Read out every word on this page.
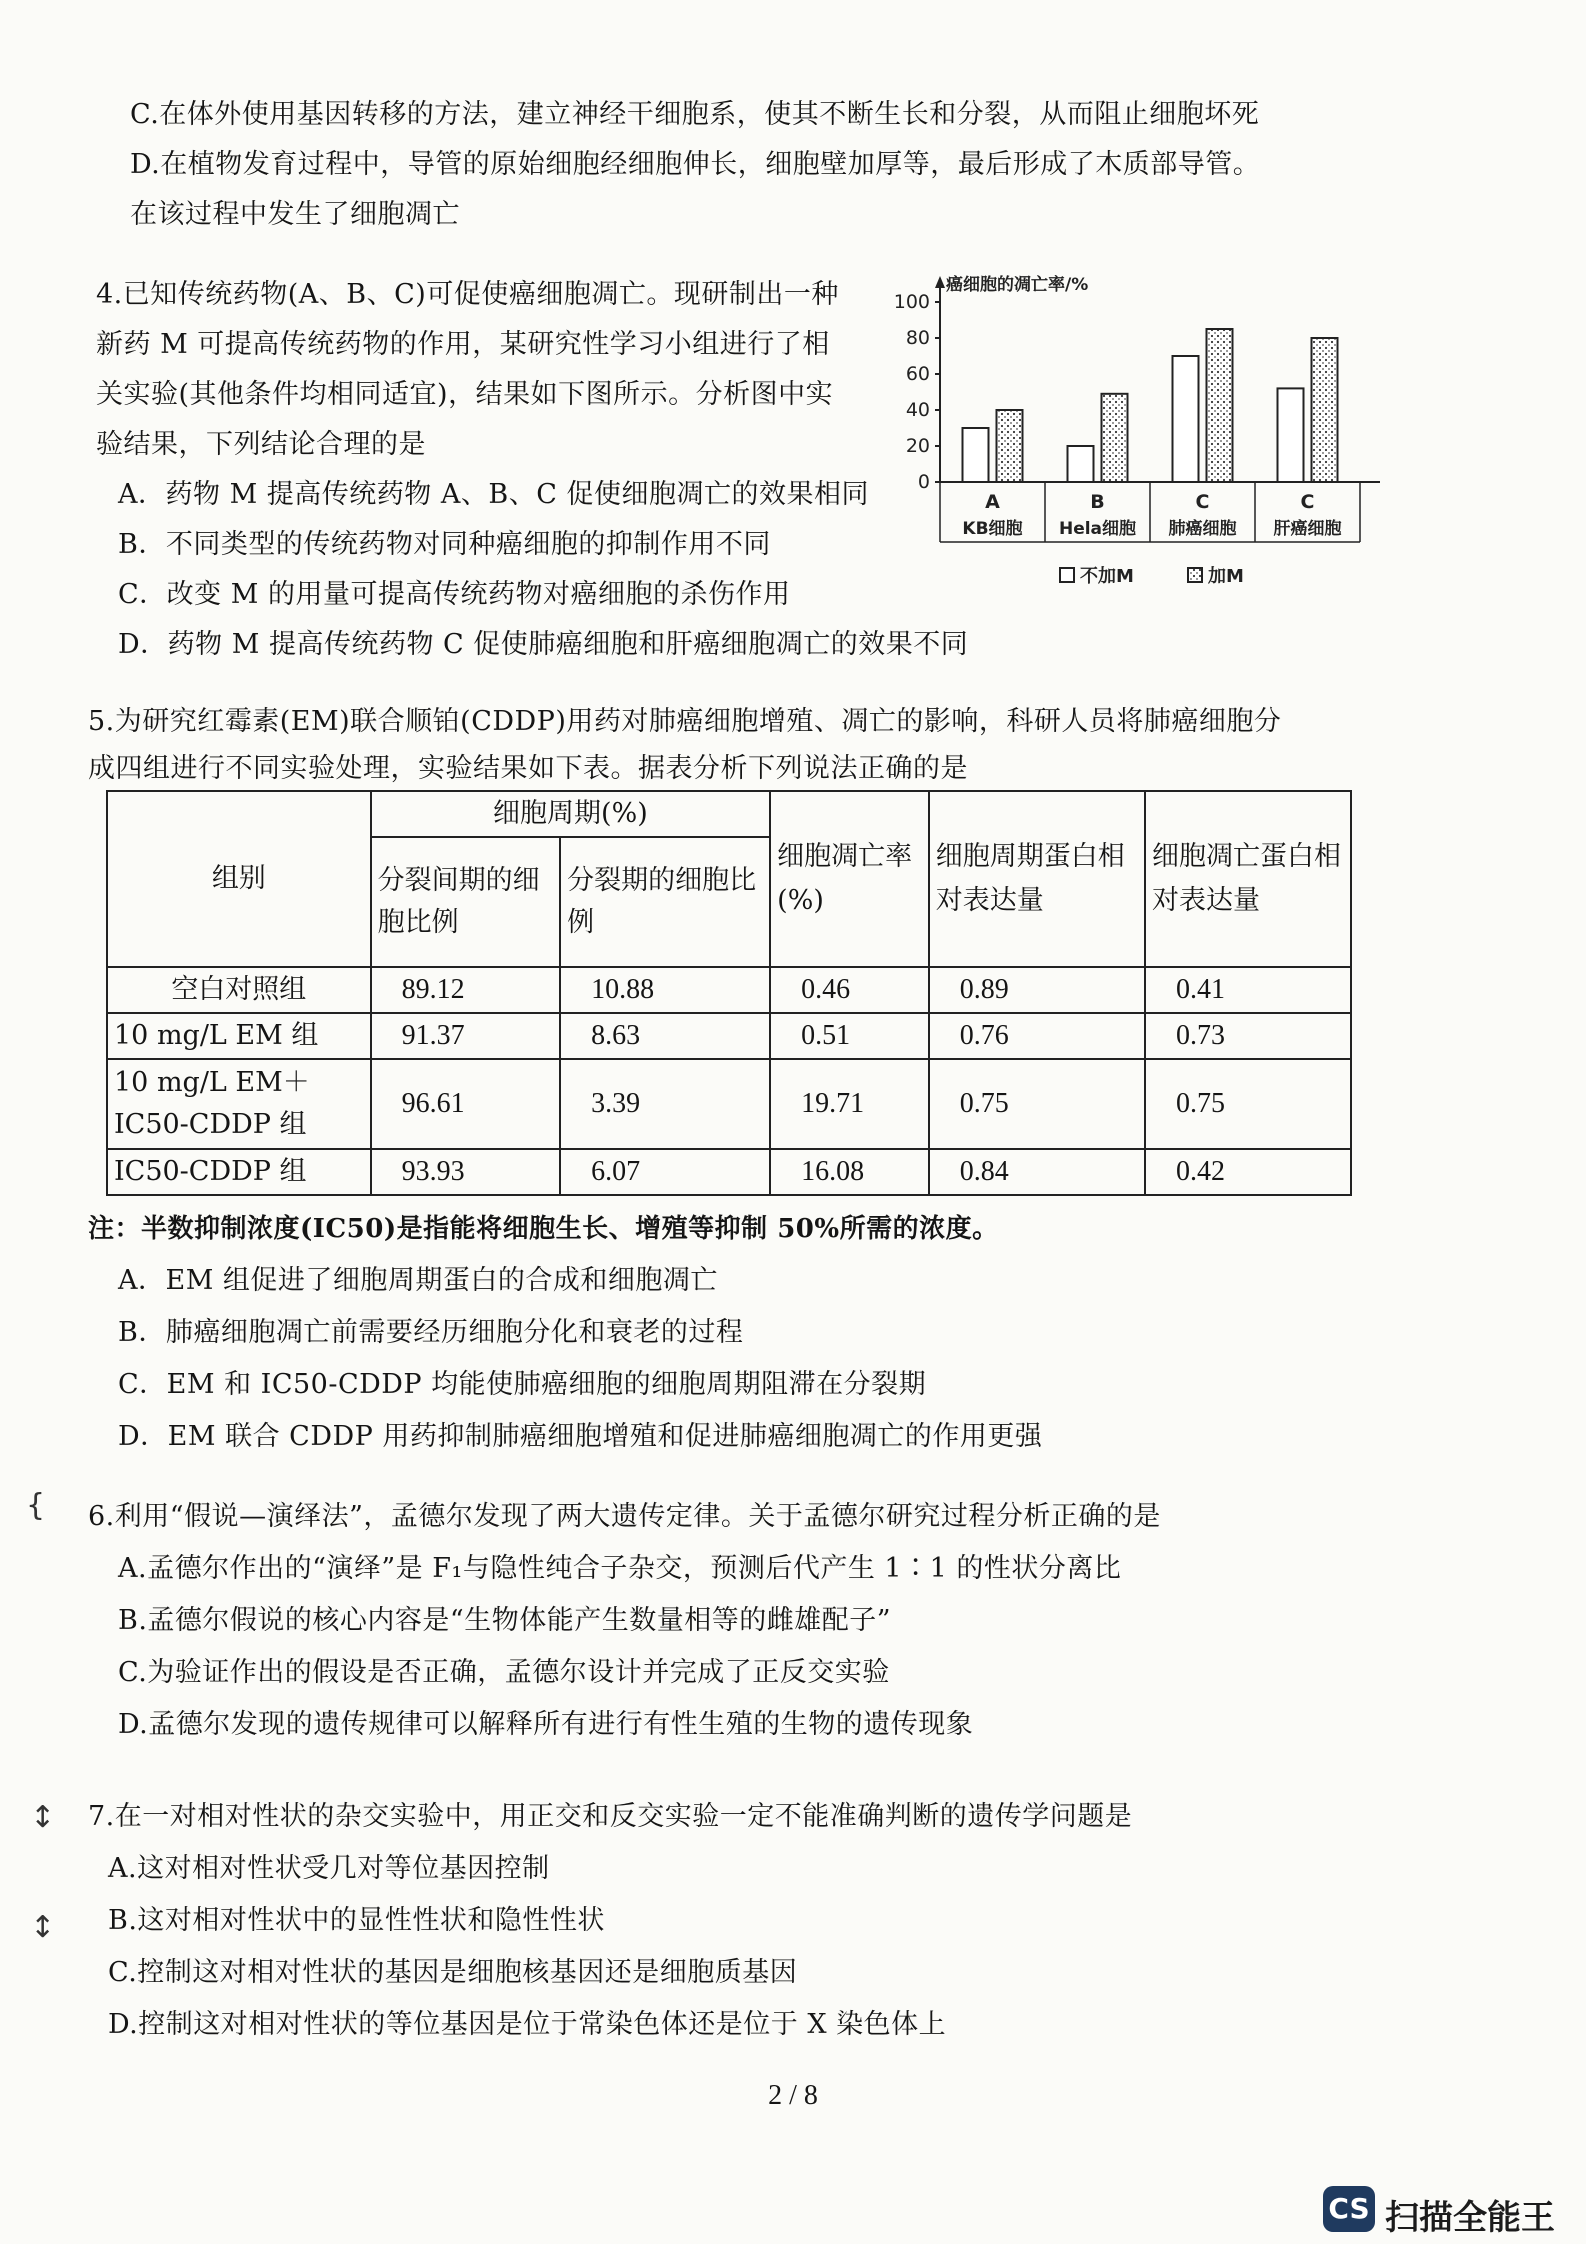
C.在体外使用基因转移的方法，建立神经干细胞系，使其不断生长和分裂，从而阻止细胞坏死
D.在植物发育过程中，导管的原始细胞经细胞伸长，细胞壁加厚等，最后形成了木质部导管。
在该过程中发生了细胞凋亡
4.已知传统药物(A、B、C)可促使癌细胞凋亡。现研制出一种
新药 M 可提高传统药物的作用，某研究性学习小组进行了相
关实验(其他条件均相同适宜)，结果如下图所示。分析图中实
验结果，下列结论合理的是
A．药物 M 提高传统药物 A、B、C 促使细胞凋亡的效果相同
B．不同类型的传统药物对同种癌细胞的抑制作用不同
C．改变 M 的用量可提高传统药物对癌细胞的杀伤作用
D．药物 M 提高传统药物 C 促使肺癌细胞和肝癌细胞凋亡的效果不同
癌细胞的凋亡率/%
0
20
40
60
80
100
A
KB细胞
B
Hela细胞
C
肺癌细胞
C
肝癌细胞
不加M	加M
5.为研究红霉素(EM)联合顺铂(CDDP)用药对肺癌细胞增殖、凋亡的影响，科研人员将肺癌细胞分
成四组进行不同实验处理，实验结果如下表。据表分析下列说法正确的是
组别	细胞周期(%)		细胞凋亡率(%)	细胞周期蛋白相对表达量	细胞凋亡蛋白相对表达量
	分裂间期的细胞比例	分裂期的细胞比例			
空白对照组	89.12	10.88	0.46	0.89	0.41
10 mg/L EM 组	91.37	8.63	0.51	0.76	0.73
10 mg/L EM＋IC50-CDDP 组	96.61	3.39	19.71	0.75	0.75
IC50-CDDP 组	93.93	6.07	16.08	0.84	0.42
注：半数抑制浓度(IC50)是指能将细胞生长、增殖等抑制 50%所需的浓度。
A．EM 组促进了细胞周期蛋白的合成和细胞凋亡
B．肺癌细胞凋亡前需要经历细胞分化和衰老的过程
C．EM 和 IC50-CDDP 均能使肺癌细胞的细胞周期阻滞在分裂期
D．EM 联合 CDDP 用药抑制肺癌细胞增殖和促进肺癌细胞凋亡的作用更强
{
↕
↕
6.利用“假说—演绎法”，孟德尔发现了两大遗传定律。关于孟德尔研究过程分析正确的是
A.孟德尔作出的“演绎”是 F₁与隐性纯合子杂交，预测后代产生 1∶1 的性状分离比
B.孟德尔假说的核心内容是“生物体能产生数量相等的雌雄配子”
C.为验证作出的假设是否正确，孟德尔设计并完成了正反交实验
D.孟德尔发现的遗传规律可以解释所有进行有性生殖的生物的遗传现象
7.在一对相对性状的杂交实验中，用正交和反交实验一定不能准确判断的遗传学问题是
A.这对相对性状受几对等位基因控制
B.这对相对性状中的显性性状和隐性性状
C.控制这对相对性状的基因是细胞核基因还是细胞质基因
D.控制这对相对性状的等位基因是位于常染色体还是位于 X 染色体上
2 / 8
CS 扫描全能王
